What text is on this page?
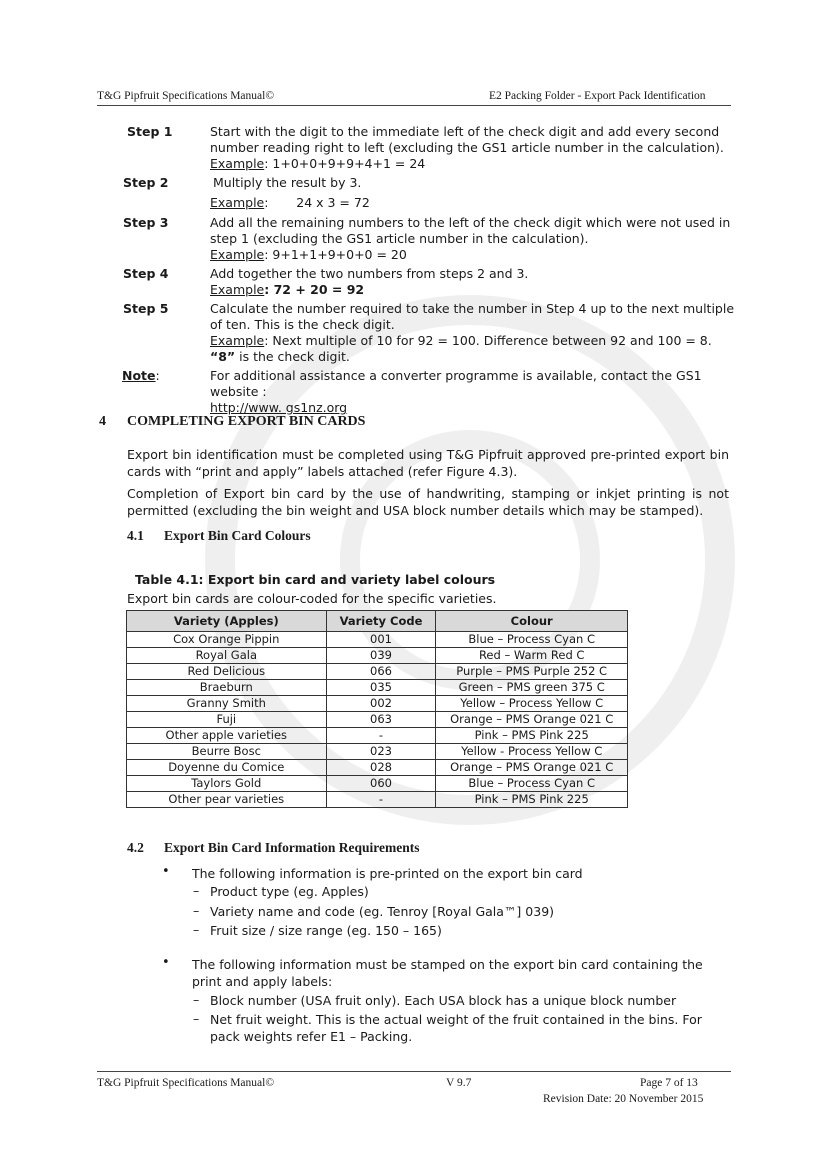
T&G Pipfruit Specifications Manual©	E2 Packing Folder - Export Pack Identification
Step 1	Start with the digit to the immediate left of the check digit and add every second number reading right to left (excluding the GS1 article number in the calculation).
Example: 1+0+0+9+9+4+1 = 24
Step 2	Multiply the result by 3.
Example:       24 x 3 = 72
Step 3	Add all the remaining numbers to the left of the check digit which were not used in step 1 (excluding the GS1 article number in the calculation).
Example: 9+1+1+9+0+0 = 20
Step 4	Add together the two numbers from steps 2 and 3.
Example: 72 + 20 = 92
Step 5	Calculate the number required to take the number in Step 4 up to the next multiple of ten. This is the check digit.
Example: Next multiple of 10 for 92 = 100. Difference between 92 and 100 = 8.
“8” is the check digit.
Note:	For additional assistance a converter programme is available, contact the GS1 website :
http://www. gs1nz.org
4 COMPLETING EXPORT BIN CARDS
Export bin identification must be completed using T&G Pipfruit approved pre-printed export bin cards with “print and apply” labels attached (refer Figure 4.3).
Completion of Export bin card by the use of handwriting, stamping or inkjet printing is not permitted (excluding the bin weight and USA block number details which may be stamped).
4.1 Export Bin Card Colours
Table 4.1: Export bin card and variety label colours
Export bin cards are colour-coded for the specific varieties.
Variety (Apples)	Variety Code	Colour
Cox Orange Pippin	001	Blue – Process Cyan C
Royal Gala	039	Red – Warm Red C
Red Delicious	066	Purple – PMS Purple 252 C
Braeburn	035	Green – PMS green 375 C
Granny Smith	002	Yellow – Process Yellow C
Fuji	063	Orange – PMS Orange 021 C
Other apple varieties	-	Pink – PMS Pink 225
Beurre Bosc	023	Yellow - Process Yellow C
Doyenne du Comice	028	Orange – PMS Orange 021 C
Taylors Gold	060	Blue – Process Cyan C
Other pear varieties	-	Pink – PMS Pink 225
4.2 Export Bin Card Information Requirements
• The following information is pre-printed on the export bin card
– Product type (eg. Apples)
– Variety name and code (eg. Tenroy [Royal Gala™] 039)
– Fruit size / size range (eg. 150 – 165)
• The following information must be stamped on the export bin card containing the print and apply labels:
– Block number (USA fruit only). Each USA block has a unique block number
– Net fruit weight. This is the actual weight of the fruit contained in the bins. For pack weights refer E1 – Packing.
T&G Pipfruit Specifications Manual©	V 9.7	Page 7 of 13
Revision Date: 20 November 2015
